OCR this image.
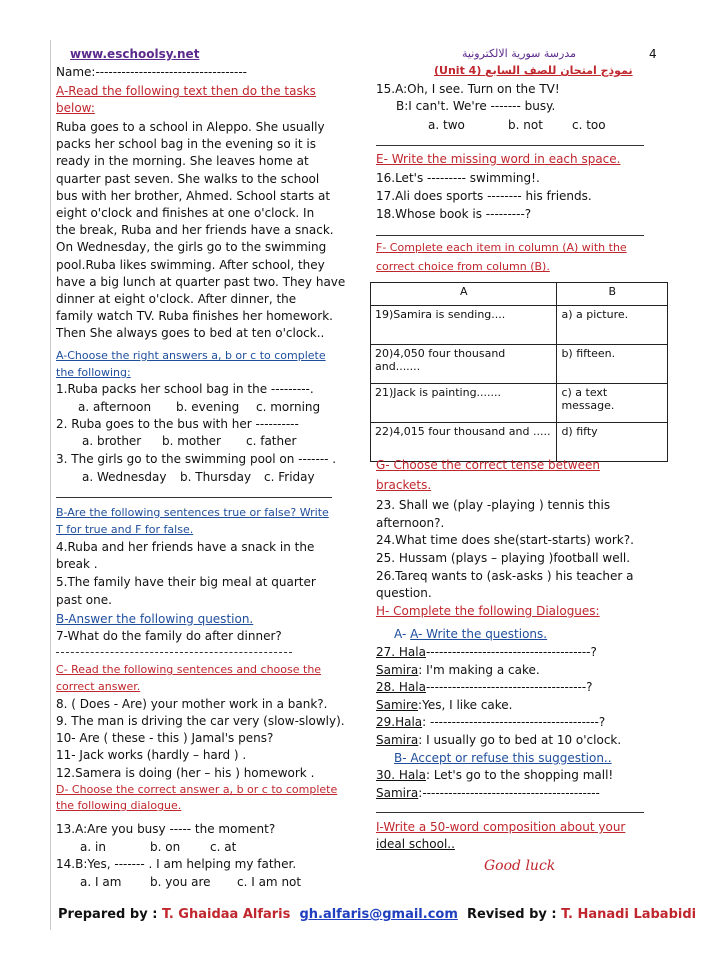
www.eschoolsy.net	مدرسة سورية الالكترونية	4
Name:-----------------------------------	(Unit 4) نموذج امتحان للصف السابع
A-Read the following text then do the tasks
below:
Ruba goes to a school in Aleppo. She usually
packs her school bag in the evening so it is
ready in the morning. She leaves home at
quarter past seven. She walks to the school
bus with her brother, Ahmed. School starts at
eight o'clock and finishes at one o'clock. In
the break, Ruba and her friends have a snack.
On Wednesday, the girls go to the swimming
pool.Ruba likes swimming. After school, they
have a big lunch at quarter past two. They have
dinner at eight o'clock. After dinner, the
family watch TV. Ruba finishes her homework.
Then She always goes to bed at ten o'clock..
A-Choose the right answers a, b or c to complete
the following:
1.Ruba packs her school bag in the ---------.
a. afternoon b. evening c. morning
2. Ruba goes to the bus with her ----------
a. brother b. mother c. father
3. The girls go to the swimming pool on ------- .
a. Wednesday b. Thursday c. Friday
B-Are the following sentences true or false? Write
T for true and F for false.
4.Ruba and her friends have a snack in the
break .
5.The family have their big meal at quarter
past one.
B-Answer the following question.
7-What do the family do after dinner?
C- Read the following sentences and choose the
correct answer.
8. ( Does - Are) your mother work in a bank?.
9. The man is driving the car very (slow-slowly).
10- Are ( these - this ) Jamal's pens?
11- Jack works (hardly – hard ) .
12.Samera is doing (her – his ) homework .
D- Choose the correct answer a, b or c to complete
the following dialogue.
13.A:Are you busy ----- the moment?
a. in	b. on c. at
14.B:Yes, ------- . I am helping my father.
a. I am b. you are c. I am not
15.A:Oh, I see. Turn on the TV!
B:I can't. We're ------- busy.
a. two	b. not c. too
E- Write the missing word in each space.
16.Let's --------- swimming!.
17.Ali does sports -------- his friends.
18.Whose book is ---------?
F- Complete each item in column (A) with the
correct choice from column (B).
A	B
19)Samira is sending....	a) a picture.
20)4,050 four thousand and.......	b) fifteen.
21)Jack is painting.......	c) a text message.
22)4,015 four thousand and .....	d) fifty
G- Choose the correct tense between
brackets.
23. Shall we (play -playing ) tennis this
afternoon?.
24.What time does she(start-starts) work?.
25. Hussam (plays – playing )football well.
26.Tareq wants to (ask-asks ) his teacher a
question.
H- Complete the following Dialogues:
A- A- Write the questions.
27. Hala--------------------------------------?
Samira: I'm making a cake.
28. Hala-------------------------------------?
Samire:Yes, I like cake.
29.Hala: ---------------------------------------?
Samira: I usually go to bed at 10 o'clock.
B- Accept or refuse this suggestion..
30. Hala: Let's go to the shopping mall!
Samira:-----------------------------------------
I-Write a 50-word composition about your
ideal school..
Good luck
Prepared by : T. Ghaidaa Alfaris gh.alfaris@gmail.com Revised by : T. Hanadi Lababidi
